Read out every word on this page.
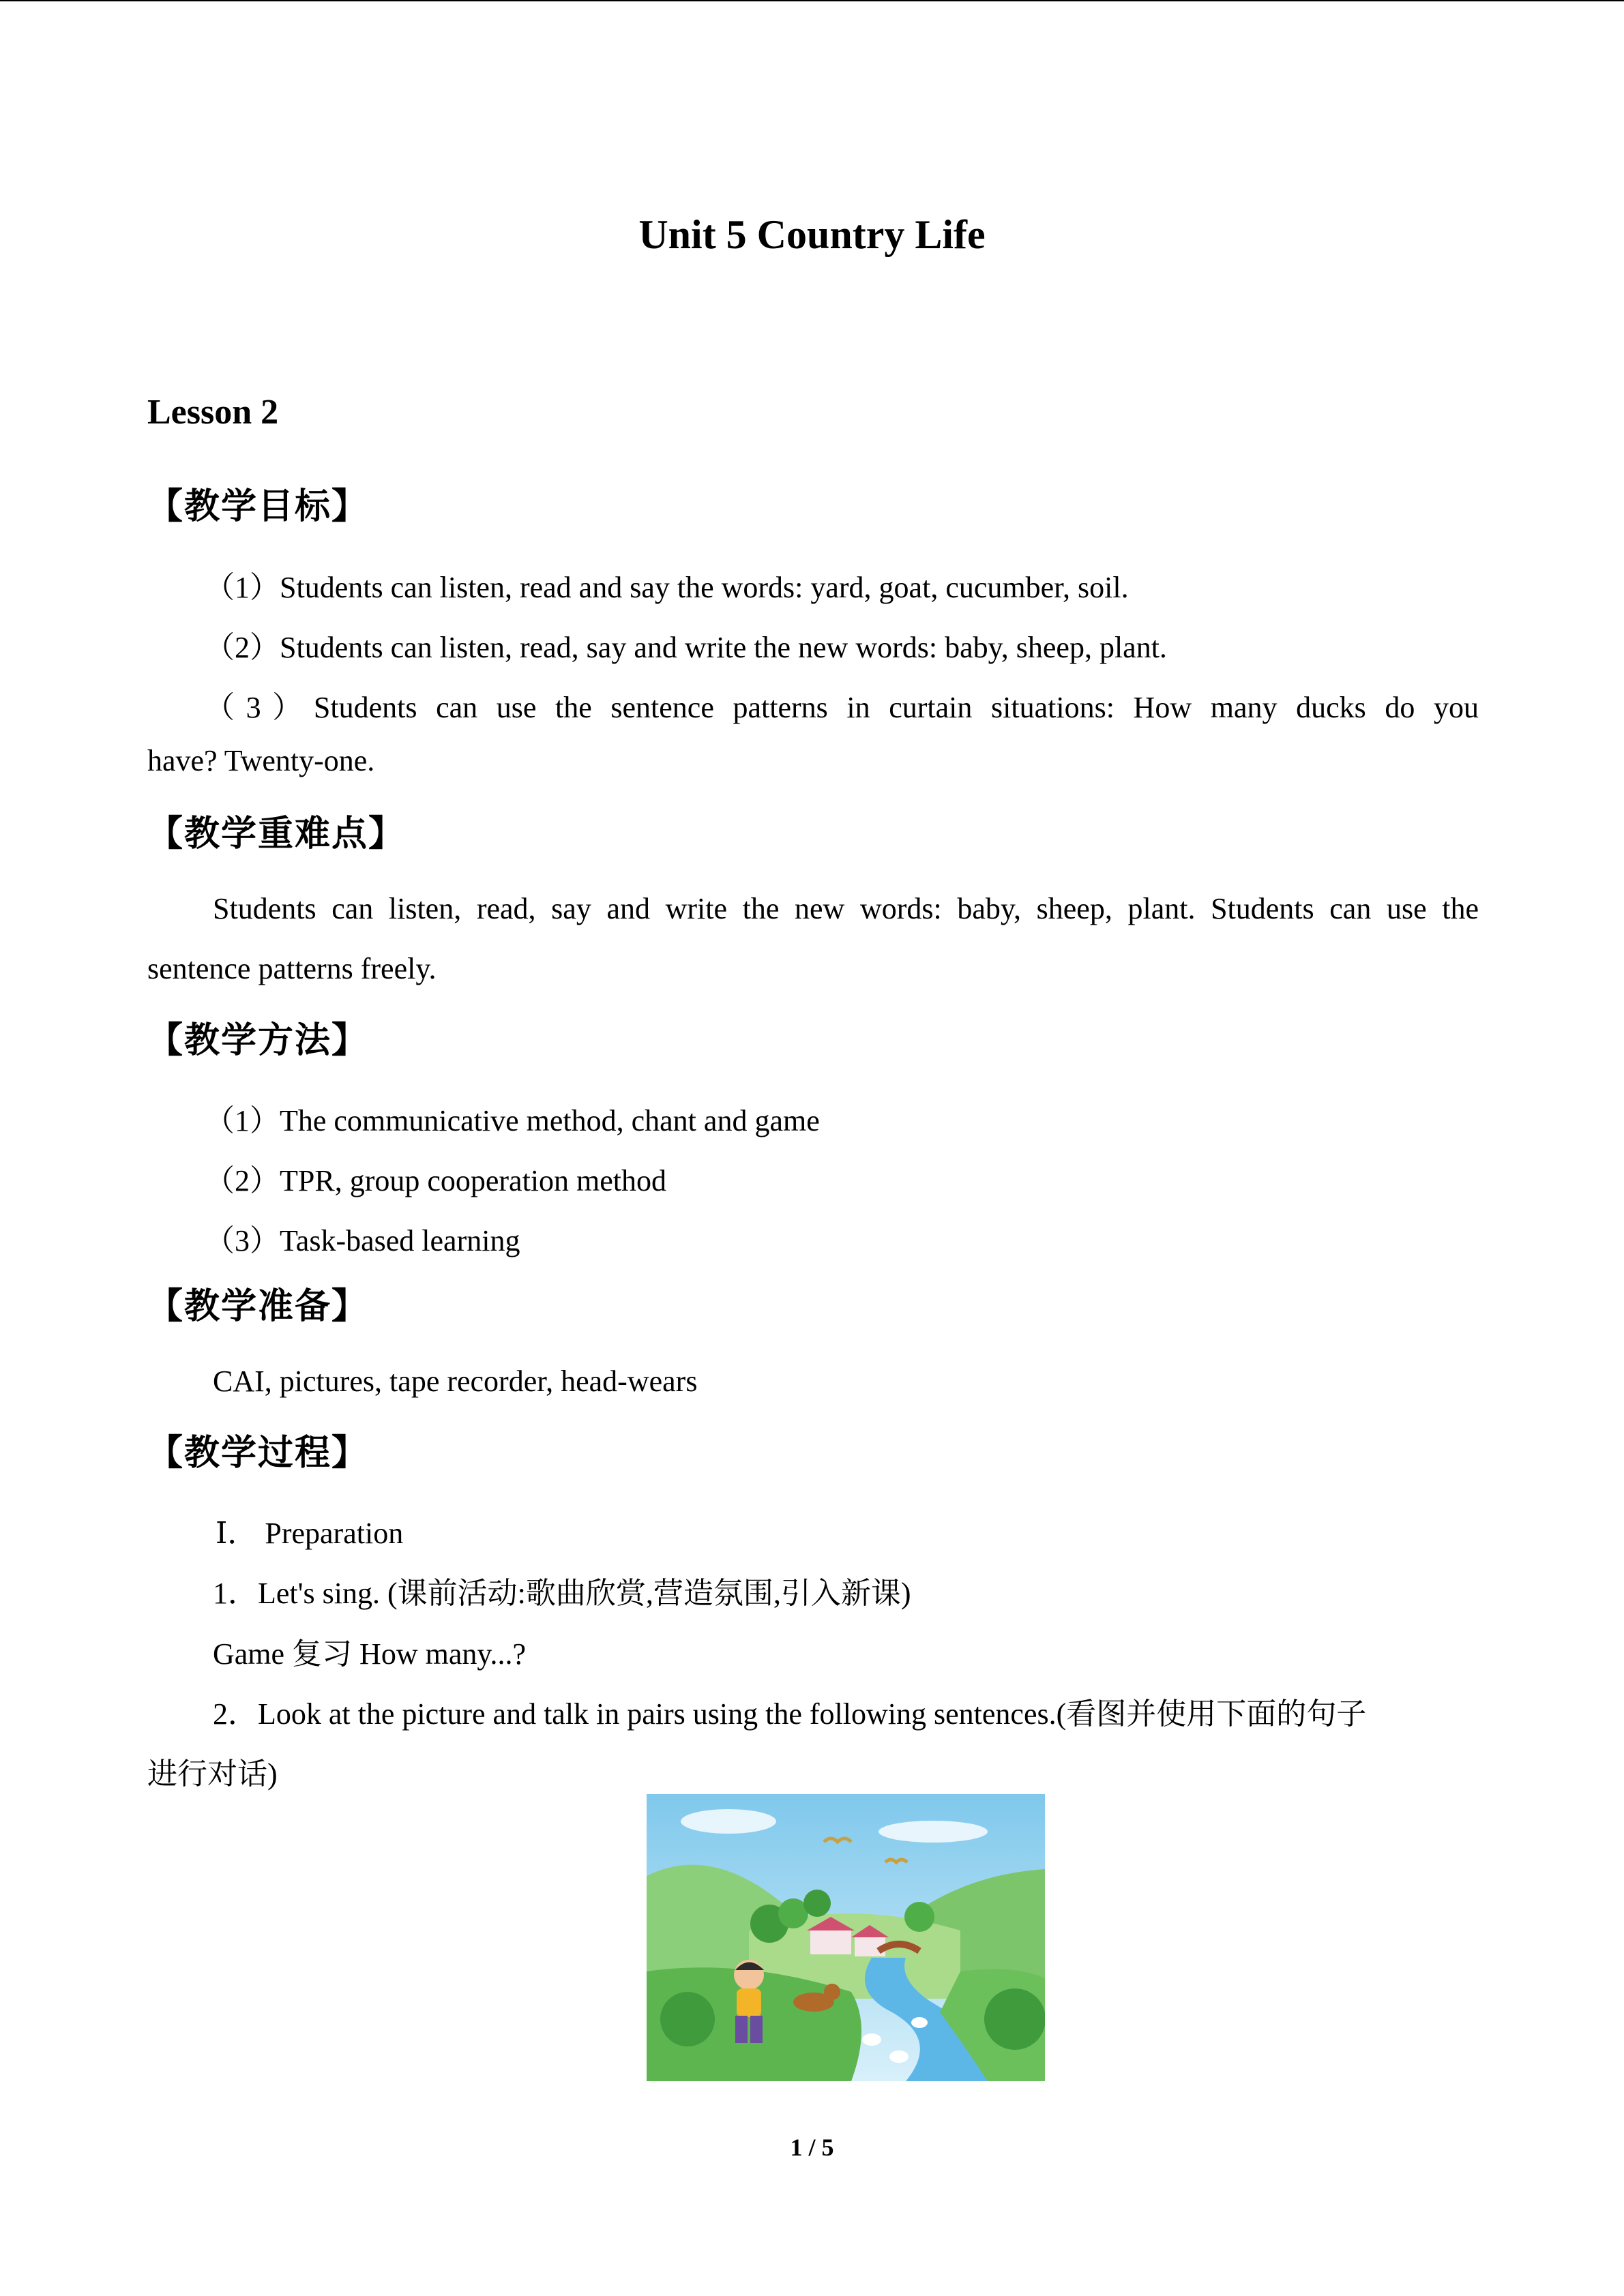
Unit 5 Country Life
Lesson 2
【教学目标】
（1）Students can listen, read and say the words: yard, goat, cucumber, soil.
（2）Students can listen, read, say and write the new words: baby, sheep, plant.
（3）Students can use the sentence patterns in curtain situations: How many ducks do you
have? Twenty-one.
【教学重难点】
Students can listen, read, say and write the new words: baby, sheep, plant. Students can use the
sentence patterns freely.
【教学方法】
（1）The communicative method, chant and game
（2）TPR, group cooperation method
（3）Task-based learning
【教学准备】
CAI, pictures, tape recorder, head-wears
【教学过程】
Ⅰ． Preparation
1．Let's sing. (课前活动:歌曲欣赏,营造氛围,引入新课)
Game 复习 How many...?
2．Look at the picture and talk in pairs using the following sentences.(看图并使用下面的句子
进行对话)
1 / 5
